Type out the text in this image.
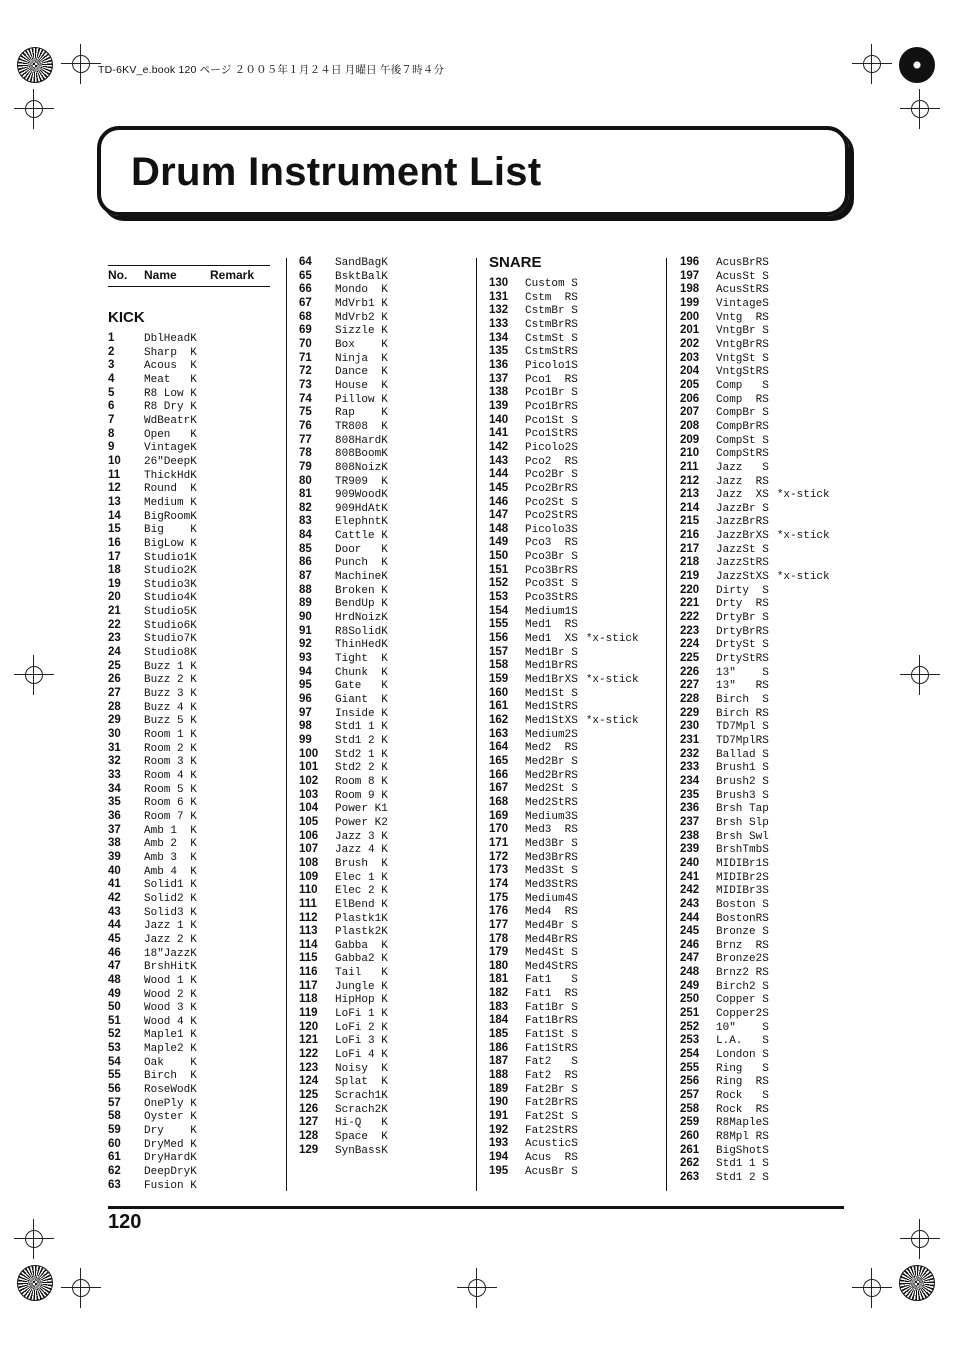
TD-6KV_e.book 120 ページ ２００５年１月２４日 月曜日 午後７時４分
Drum Instrument List
No. Name	Remark
KICK
1	DblHeadK
2	Sharp  K
3	Acous  K
4	Meat   K
5	R8 Low K
6	R8 Dry K
7	WdBeatrK
8	Open   K
9	VintageK
10 26"DeepK
11 ThickHdK
12 Round  K
13 Medium K
14 BigRoomK
15 Big    K
16 BigLow K
17 Studio1K
18 Studio2K
19 Studio3K
20 Studio4K
21 Studio5K
22 Studio6K
23 Studio7K
24 Studio8K
25 Buzz 1 K
26 Buzz 2 K
27 Buzz 3 K
28 Buzz 4 K
29 Buzz 5 K
30 Room 1 K
31 Room 2 K
32 Room 3 K
33 Room 4 K
34 Room 5 K
35 Room 6 K
36 Room 7 K
37 Amb 1  K
38 Amb 2  K
39 Amb 3  K
40 Amb 4  K
41 Solid1 K
42 Solid2 K
43 Solid3 K
44 Jazz 1 K
45 Jazz 2 K
46 18"JazzK
47 BrshHitK
48 Wood 1 K
49 Wood 2 K
50 Wood 3 K
51 Wood 4 K
52 Maple1 K
53 Maple2 K
54 Oak    K
55 Birch  K
56 RoseWodK
57 OnePly K
58 Oyster K
59 Dry    K
60 DryMed K
61 DryHardK
62 DeepDryK
63 Fusion K
64 SandBagK
65 BsktBalK
66 Mondo  K
67 MdVrb1 K
68 MdVrb2 K
69 Sizzle K
70 Box    K
71 Ninja  K
72 Dance  K
73 House  K
74 Pillow K
75 Rap    K
76 TR808  K
77 808HardK
78 808BoomK
79 808NoizK
80 TR909  K
81 909WoodK
82 909HdAtK
83 ElephntK
84 Cattle K
85 Door   K
86 Punch  K
87 MachineK
88 Broken K
89 BendUp K
90 HrdNoizK
91 R8SolidK
92 ThinHedK
93 Tight  K
94 Chunk  K
95 Gate   K
96 Giant  K
97 Inside K
98 Std1 1 K
99 Std1 2 K
100 Std2 1 K
101 Std2 2 K
102 Room 8 K
103 Room 9 K
104 Power K1
105 Power K2
106 Jazz 3 K
107 Jazz 4 K
108 Brush  K
109 Elec 1 K
110 Elec 2 K
111 ElBend K
112 Plastk1K
113 Plastk2K
114 Gabba  K
115 Gabba2 K
116 Tail   K
117 Jungle K
118 HipHop K
119 LoFi 1 K
120 LoFi 2 K
121 LoFi 3 K
122 LoFi 4 K
123 Noisy  K
124 Splat  K
125 Scrach1K
126 Scrach2K
127 Hi-Q   K
128 Space  K
129 SynBassK
SNARE
130 Custom S
131 Cstm  RS
132 CstmBr S
133 CstmBrRS
134 CstmSt S
135 CstmStRS
136 Picolo1S
137 Pco1  RS
138 Pco1Br S
139 Pco1BrRS
140 Pco1St S
141 Pco1StRS
142 Picolo2S
143 Pco2  RS
144 Pco2Br S
145 Pco2BrRS
146 Pco2St S
147 Pco2StRS
148 Picolo3S
149 Pco3  RS
150 Pco3Br S
151 Pco3BrRS
152 Pco3St S
153 Pco3StRS
154 Medium1S
155 Med1  RS
156 Med1  XS *x-stick
157 Med1Br S
158 Med1BrRS
159 Med1BrXS *x-stick
160 Med1St S
161 Med1StRS
162 Med1StXS *x-stick
163 Medium2S
164 Med2  RS
165 Med2Br S
166 Med2BrRS
167 Med2St S
168 Med2StRS
169 Medium3S
170 Med3  RS
171 Med3Br S
172 Med3BrRS
173 Med3St S
174 Med3StRS
175 Medium4S
176 Med4  RS
177 Med4Br S
178 Med4BrRS
179 Med4St S
180 Med4StRS
181 Fat1   S
182 Fat1  RS
183 Fat1Br S
184 Fat1BrRS
185 Fat1St S
186 Fat1StRS
187 Fat2   S
188 Fat2  RS
189 Fat2Br S
190 Fat2BrRS
191 Fat2St S
192 Fat2StRS
193 AcusticS
194 Acus  RS
195 AcusBr S
196 AcusBrRS
197 AcusSt S
198 AcusStRS
199 VintageS
200 Vntg  RS
201 VntgBr S
202 VntgBrRS
203 VntgSt S
204 VntgStRS
205 Comp   S
206 Comp  RS
207 CompBr S
208 CompBrRS
209 CompSt S
210 CompStRS
211 Jazz   S
212 Jazz  RS
213 Jazz  XS *x-stick
214 JazzBr S
215 JazzBrRS
216 JazzBrXS *x-stick
217 JazzSt S
218 JazzStRS
219 JazzStXS *x-stick
220 Dirty  S
221 Drty  RS
222 DrtyBr S
223 DrtyBrRS
224 DrtySt S
225 DrtyStRS
226 13"    S
227 13"   RS
228 Birch  S
229 Birch RS
230 TD7Mpl S
231 TD7MplRS
232 Ballad S
233 Brush1 S
234 Brush2 S
235 Brush3 S
236 Brsh Tap
237 Brsh Slp
238 Brsh Swl
239 BrshTmbS
240 MIDIBr1S
241 MIDIBr2S
242 MIDIBr3S
243 Boston S
244 BostonRS
245 Bronze S
246 Brnz  RS
247 Bronze2S
248 Brnz2 RS
249 Birch2 S
250 Copper S
251 Copper2S
252 10"    S
253 L.A.   S
254 London S
255 Ring   S
256 Ring  RS
257 Rock   S
258 Rock  RS
259 R8MapleS
260 R8Mpl RS
261 BigShotS
262 Std1 1 S
263 Std1 2 S
120
